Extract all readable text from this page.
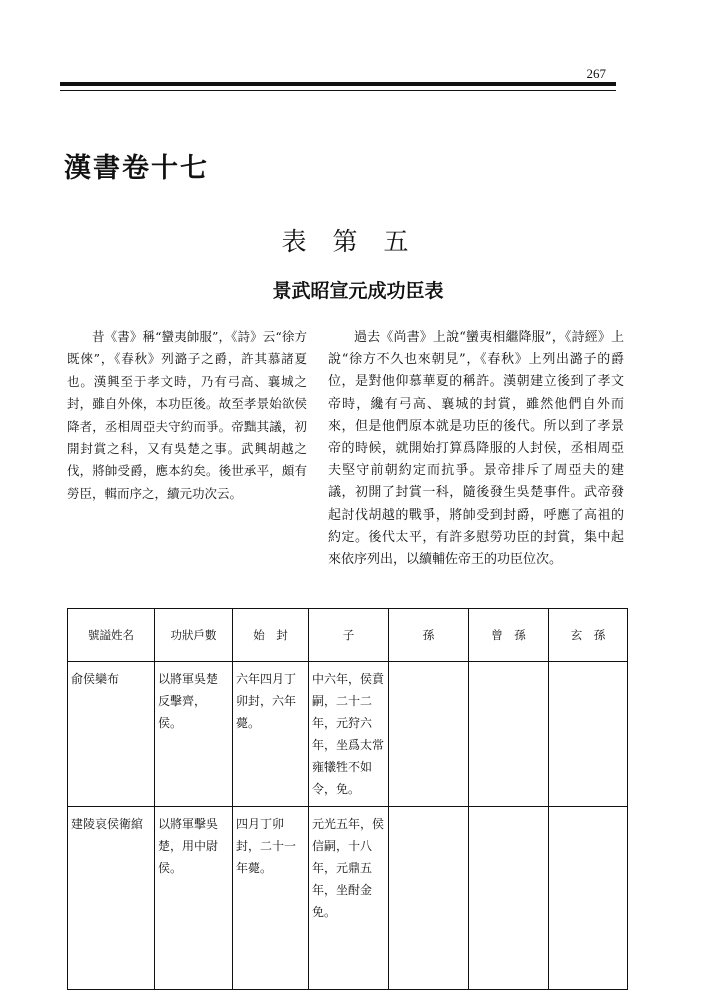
267
漢書卷十七
表第五
景武昭宣元成功臣表
昔《書》稱“蠻夷帥服”，《詩》云“徐方既倈”，《春秋》列潞子之爵，許其慕諸夏也。漢興至于孝文時，乃有弓高、襄城之封，雖自外倈，本功臣後。故至孝景始欲侯降者，丞相周亞夫守約而爭。帝黜其議，初開封賞之科，又有吳楚之事。武興胡越之伐，將帥受爵，應本約矣。後世承平，頗有勞臣，輯而序之，續元功次云。
過去《尚書》上說“蠻夷相繼降服”，《詩經》上說“徐方不久也來朝見”，《春秋》上列出潞子的爵位，是對他仰慕華夏的稱許。漢朝建立後到了孝文帝時，纔有弓高、襄城的封賞，雖然他們自外而來，但是他們原本就是功臣的後代。所以到了孝景帝的時候，就開始打算爲降服的人封侯，丞相周亞夫堅守前朝約定而抗爭。景帝排斥了周亞夫的建議，初開了封賞一科，隨後發生吳楚事件。武帝發起討伐胡越的戰爭，將帥受到封爵，呼應了高祖的約定。後代太平，有許多慰勞功臣的封賞，集中起來依序列出，以續輔佐帝王的功臣位次。
號謚姓名	功狀戶數	始　封	子	孫	曾　孫	玄　孫
俞侯欒布	以將軍吳楚反擊齊，侯。	六年四月丁卯封，六年薨。	中六年，侯賁嗣，二十二年，元狩六年，坐爲太常雍犧牲不如令，免。			
建陵哀侯衛綰	以將軍擊吳楚，用中尉侯。	四月丁卯封，二十一年薨。	元光五年，侯信嗣，十八年，元鼎五年，坐酎金免。			
